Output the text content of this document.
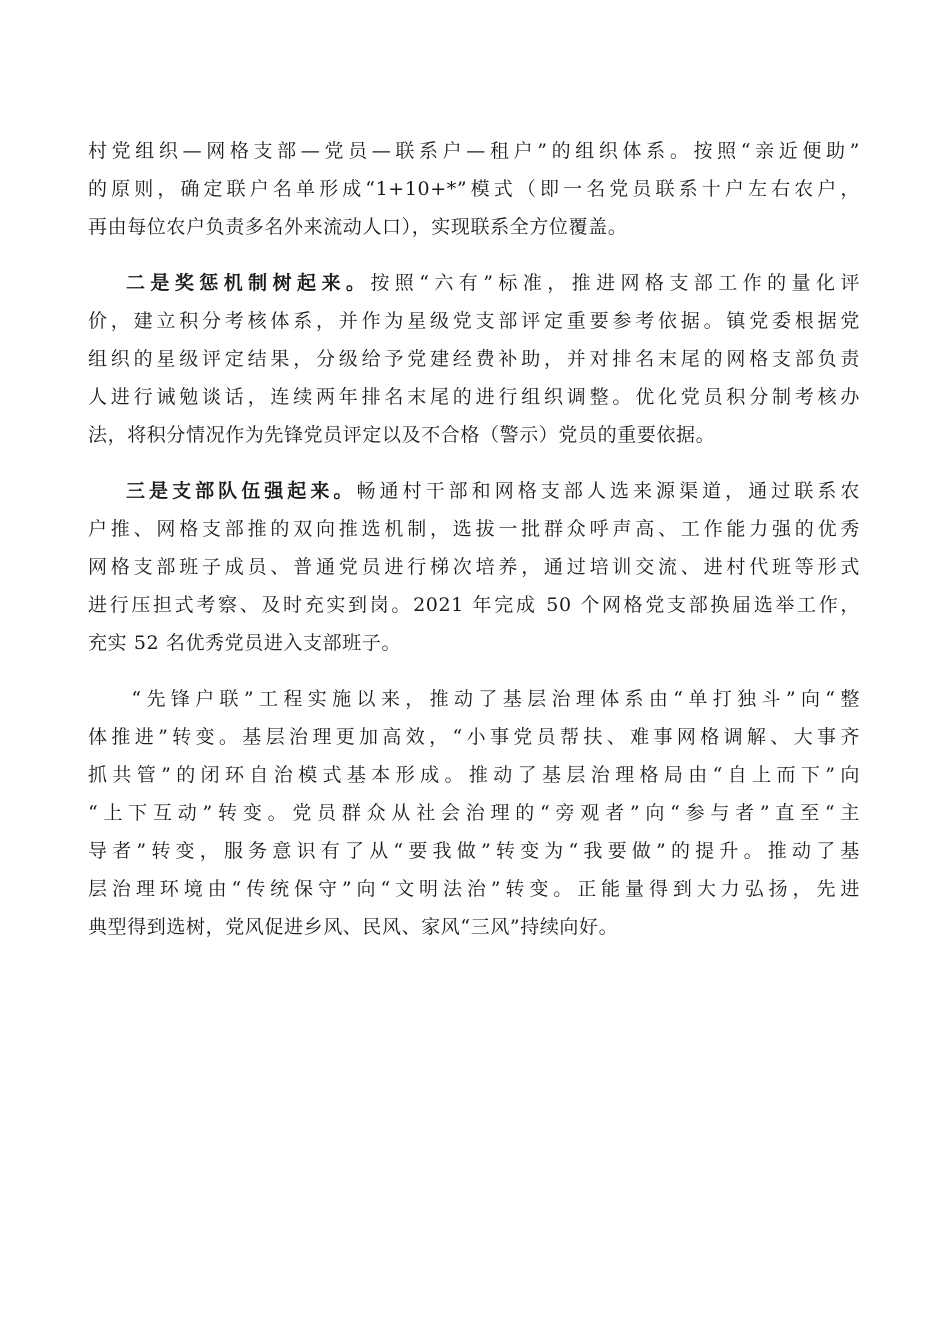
村党组织—网格支部—党员—联系户—租户”的组织体系。按照“亲近便助”
的原则，确定联户名单形成“1+10+*”模式（即一名党员联系十户左右农户，
再由每位农户负责多名外来流动人口），实现联系全方位覆盖。
二是奖惩机制树起来。按照“六有”标准，推进网格支部工作的量化评
价，建立积分考核体系，并作为星级党支部评定重要参考依据。镇党委根据党
组织的星级评定结果，分级给予党建经费补助，并对排名末尾的网格支部负责
人进行诫勉谈话，连续两年排名末尾的进行组织调整。优化党员积分制考核办
法，将积分情况作为先锋党员评定以及不合格（警示）党员的重要依据。
三是支部队伍强起来。畅通村干部和网格支部人选来源渠道，通过联系农
户推、网格支部推的双向推选机制，选拔一批群众呼声高、工作能力强的优秀
网格支部班子成员、普通党员进行梯次培养，通过培训交流、进村代班等形式
进行压担式考察、及时充实到岗。2021 年完成 50 个网格党支部换届选举工作，
充实 52 名优秀党员进入支部班子。
　“先锋户联”工程实施以来，推动了基层治理体系由“单打独斗”向“整
体推进”转变。基层治理更加高效，“小事党员帮扶、难事网格调解、大事齐
抓共管”的闭环自治模式基本形成。推动了基层治理格局由“自上而下”向
“上下互动”转变。党员群众从社会治理的“旁观者”向“参与者”直至“主
导者”转变，服务意识有了从“要我做”转变为“我要做”的提升。推动了基
层治理环境由“传统保守”向“文明法治”转变。正能量得到大力弘扬，先进
典型得到选树，党风促进乡风、民风、家风“三风”持续向好。
